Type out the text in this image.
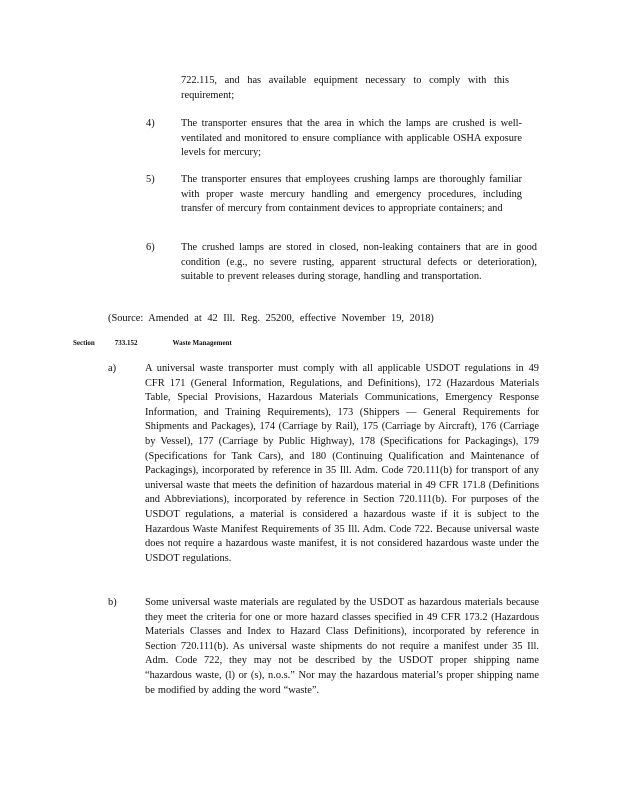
722.115, and has available equipment necessary to comply with this requirement;
4)	The transporter ensures that the area in which the lamps are crushed is well-ventilated and monitored to ensure compliance with applicable OSHA exposure levels for mercury;
5)	The transporter ensures that employees crushing lamps are thoroughly familiar with proper waste mercury handling and emergency procedures, including transfer of mercury from containment devices to appropriate containers; and
6)	The crushed lamps are stored in closed, non-leaking containers that are in good condition (e.g., no severe rusting, apparent structural defects or deterioration), suitable to prevent releases during storage, handling and transportation.
(Source: Amended at 42 Ill. Reg. 25200, effective November 19, 2018)
Section	733.152	Waste Management
a)	A universal waste transporter must comply with all applicable USDOT regulations in 49 CFR 171 (General Information, Regulations, and Definitions), 172 (Hazardous Materials Table, Special Provisions, Hazardous Materials Communications, Emergency Response Information, and Training Requirements), 173 (Shippers — General Requirements for Shipments and Packages), 174 (Carriage by Rail), 175 (Carriage by Aircraft), 176 (Carriage by Vessel), 177 (Carriage by Public Highway), 178 (Specifications for Packagings), 179 (Specifications for Tank Cars), and 180 (Continuing Qualification and Maintenance of Packagings), incorporated by reference in 35 Ill. Adm. Code 720.111(b) for transport of any universal waste that meets the definition of hazardous material in 49 CFR 171.8 (Definitions and Abbreviations), incorporated by reference in Section 720.111(b). For purposes of the USDOT regulations, a material is considered a hazardous waste if it is subject to the Hazardous Waste Manifest Requirements of 35 Ill. Adm. Code 722. Because universal waste does not require a hazardous waste manifest, it is not considered hazardous waste under the USDOT regulations.
b)	Some universal waste materials are regulated by the USDOT as hazardous materials because they meet the criteria for one or more hazard classes specified in 49 CFR 173.2 (Hazardous Materials Classes and Index to Hazard Class Definitions), incorporated by reference in Section 720.111(b). As universal waste shipments do not require a manifest under 35 Ill. Adm. Code 722, they may not be described by the USDOT proper shipping name “hazardous waste, (l) or (s), n.o.s.” Nor may the hazardous material’s proper shipping name be modified by adding the word “waste”.
